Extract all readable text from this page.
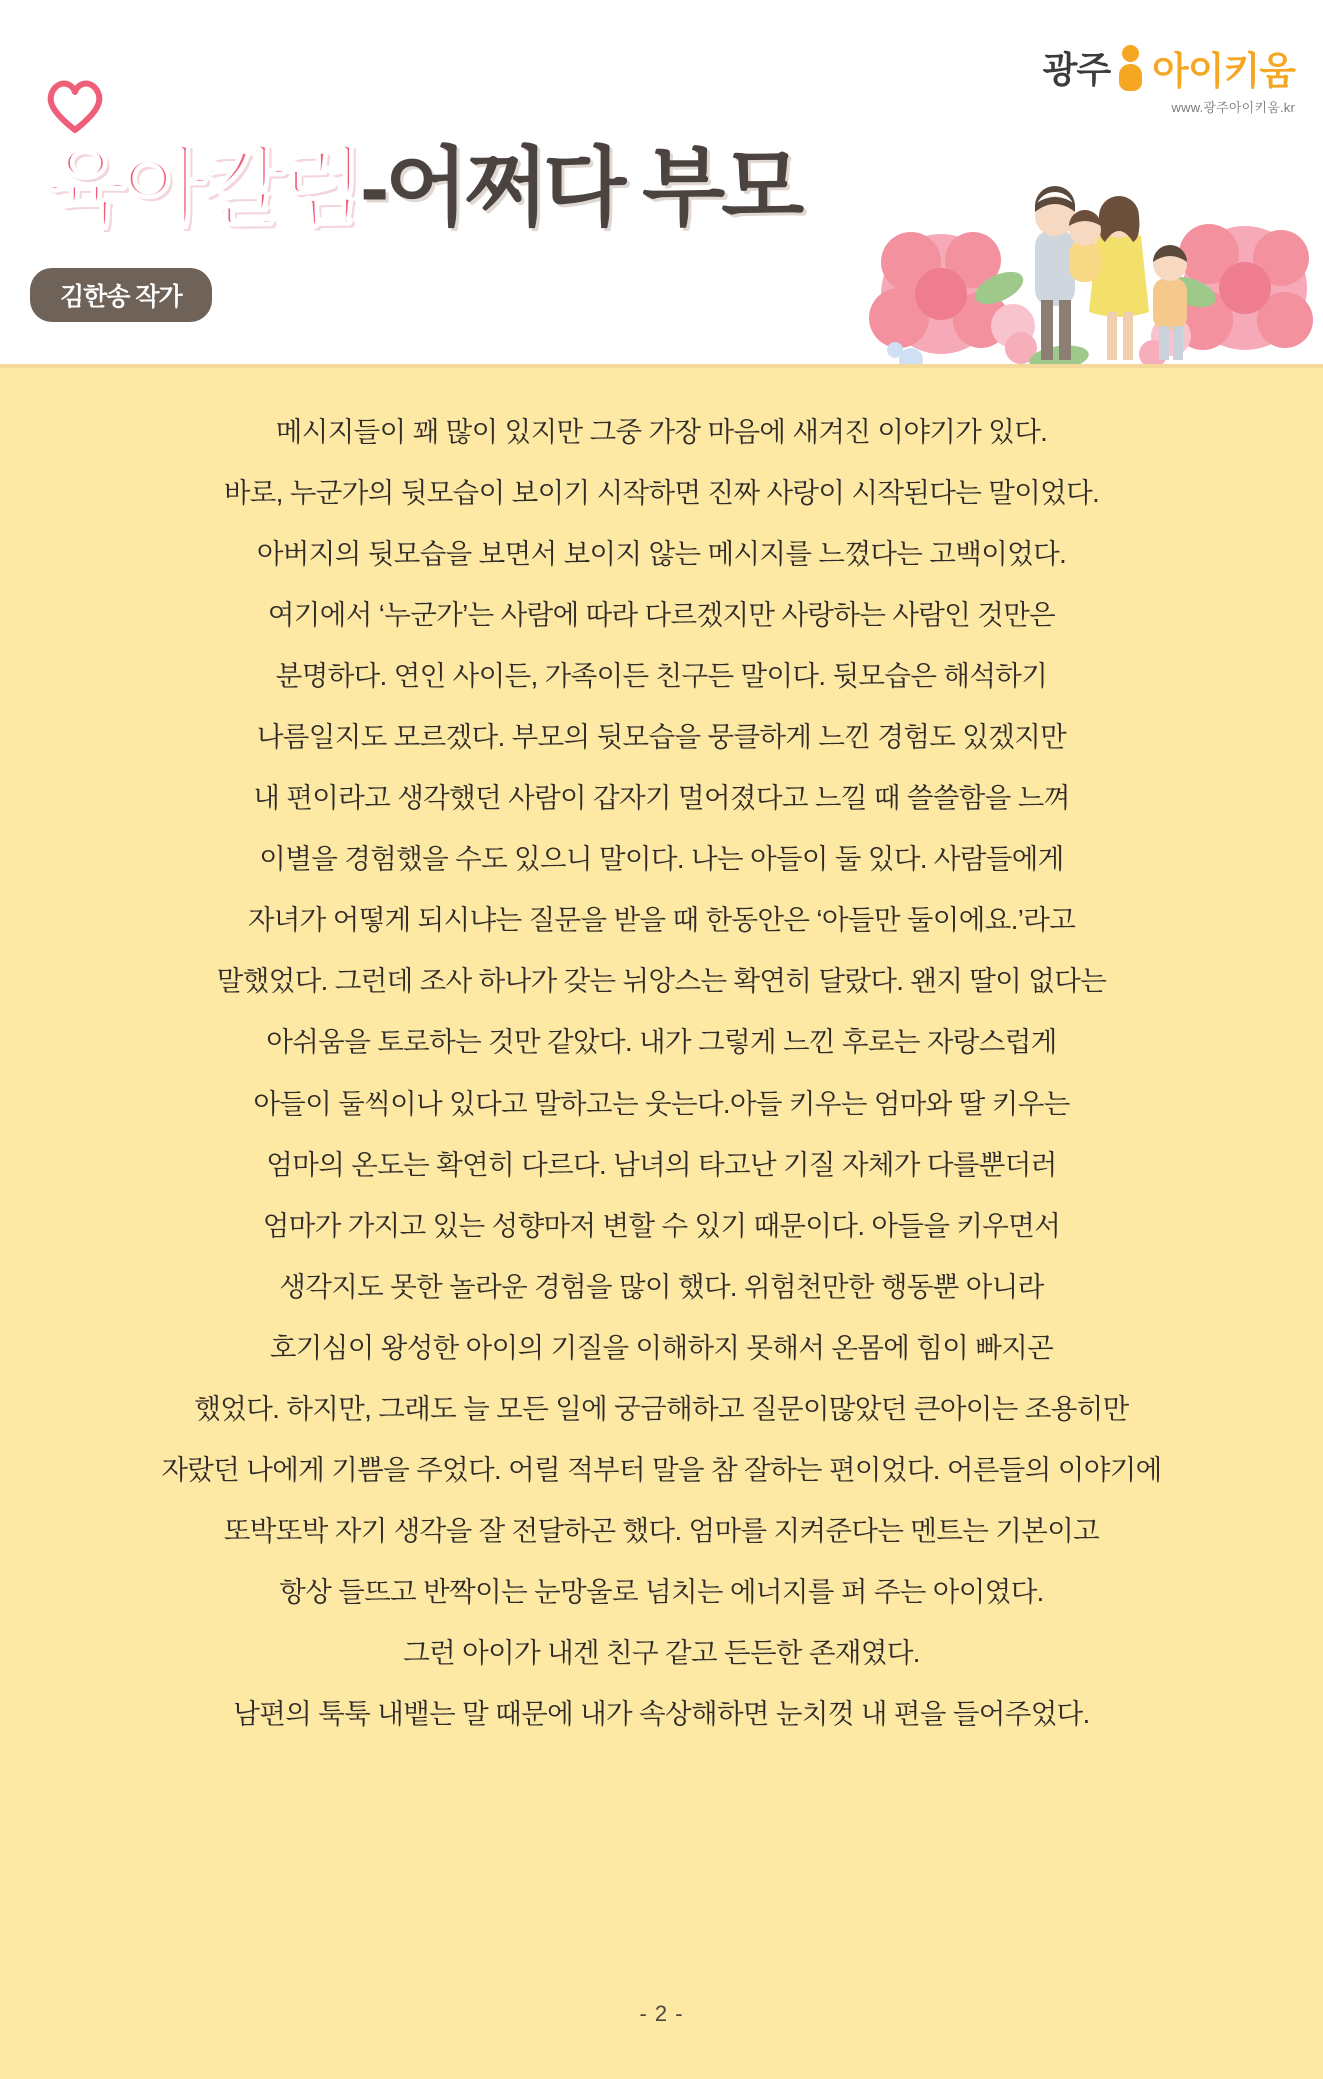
광주 아이키움
www.광주아이키움.kr
육아칼럼 - 어쩌다 부모
김한송 작가

메시지들이 꽤 많이 있지만 그중 가장 마음에 새겨진 이야기가 있다.

바로, 누군가의 뒷모습이 보이기 시작하면 진짜 사랑이 시작된다는 말이었다.

아버지의 뒷모습을 보면서 보이지 않는 메시지를 느꼈다는 고백이었다.

여기에서 ‘누군가’는 사람에 따라 다르겠지만 사랑하는 사람인 것만은

분명하다. 연인 사이든, 가족이든 친구든 말이다. 뒷모습은 해석하기

나름일지도 모르겠다. 부모의 뒷모습을 뭉클하게 느낀 경험도 있겠지만

내 편이라고 생각했던 사람이 갑자기 멀어졌다고 느낄 때 쓸쓸함을 느껴

이별을 경험했을 수도 있으니 말이다. 나는 아들이 둘 있다. 사람들에게

자녀가 어떻게 되시냐는 질문을 받을 때 한동안은 ‘아들만 둘이에요.’라고

말했었다. 그런데 조사 하나가 갖는 뉘앙스는 확연히 달랐다. 왠지 딸이 없다는

아쉬움을 토로하는 것만 같았다. 내가 그렇게 느낀 후로는 자랑스럽게

아들이 둘씩이나 있다고 말하고는 웃는다.아들 키우는 엄마와 딸 키우는

엄마의 온도는 확연히 다르다. 남녀의 타고난 기질 자체가 다를뿐더러

엄마가 가지고 있는 성향마저 변할 수 있기 때문이다. 아들을 키우면서

생각지도 못한 놀라운 경험을 많이 했다. 위험천만한 행동뿐 아니라

호기심이 왕성한 아이의 기질을 이해하지 못해서 온몸에 힘이 빠지곤

했었다. 하지만, 그래도 늘 모든 일에 궁금해하고 질문이많았던 큰아이는 조용히만

자랐던 나에게 기쁨을 주었다. 어릴 적부터 말을 참 잘하는 편이었다. 어른들의 이야기에

또박또박 자기 생각을 잘 전달하곤 했다. 엄마를 지켜준다는 멘트는 기본이고

항상 들뜨고 반짝이는 눈망울로 넘치는 에너지를 퍼 주는 아이였다.

그런 아이가 내겐 친구 같고 든든한 존재였다.

남편의 툭툭 내뱉는 말 때문에 내가 속상해하면 눈치껏 내 편을 들어주었다.

- 2 -
